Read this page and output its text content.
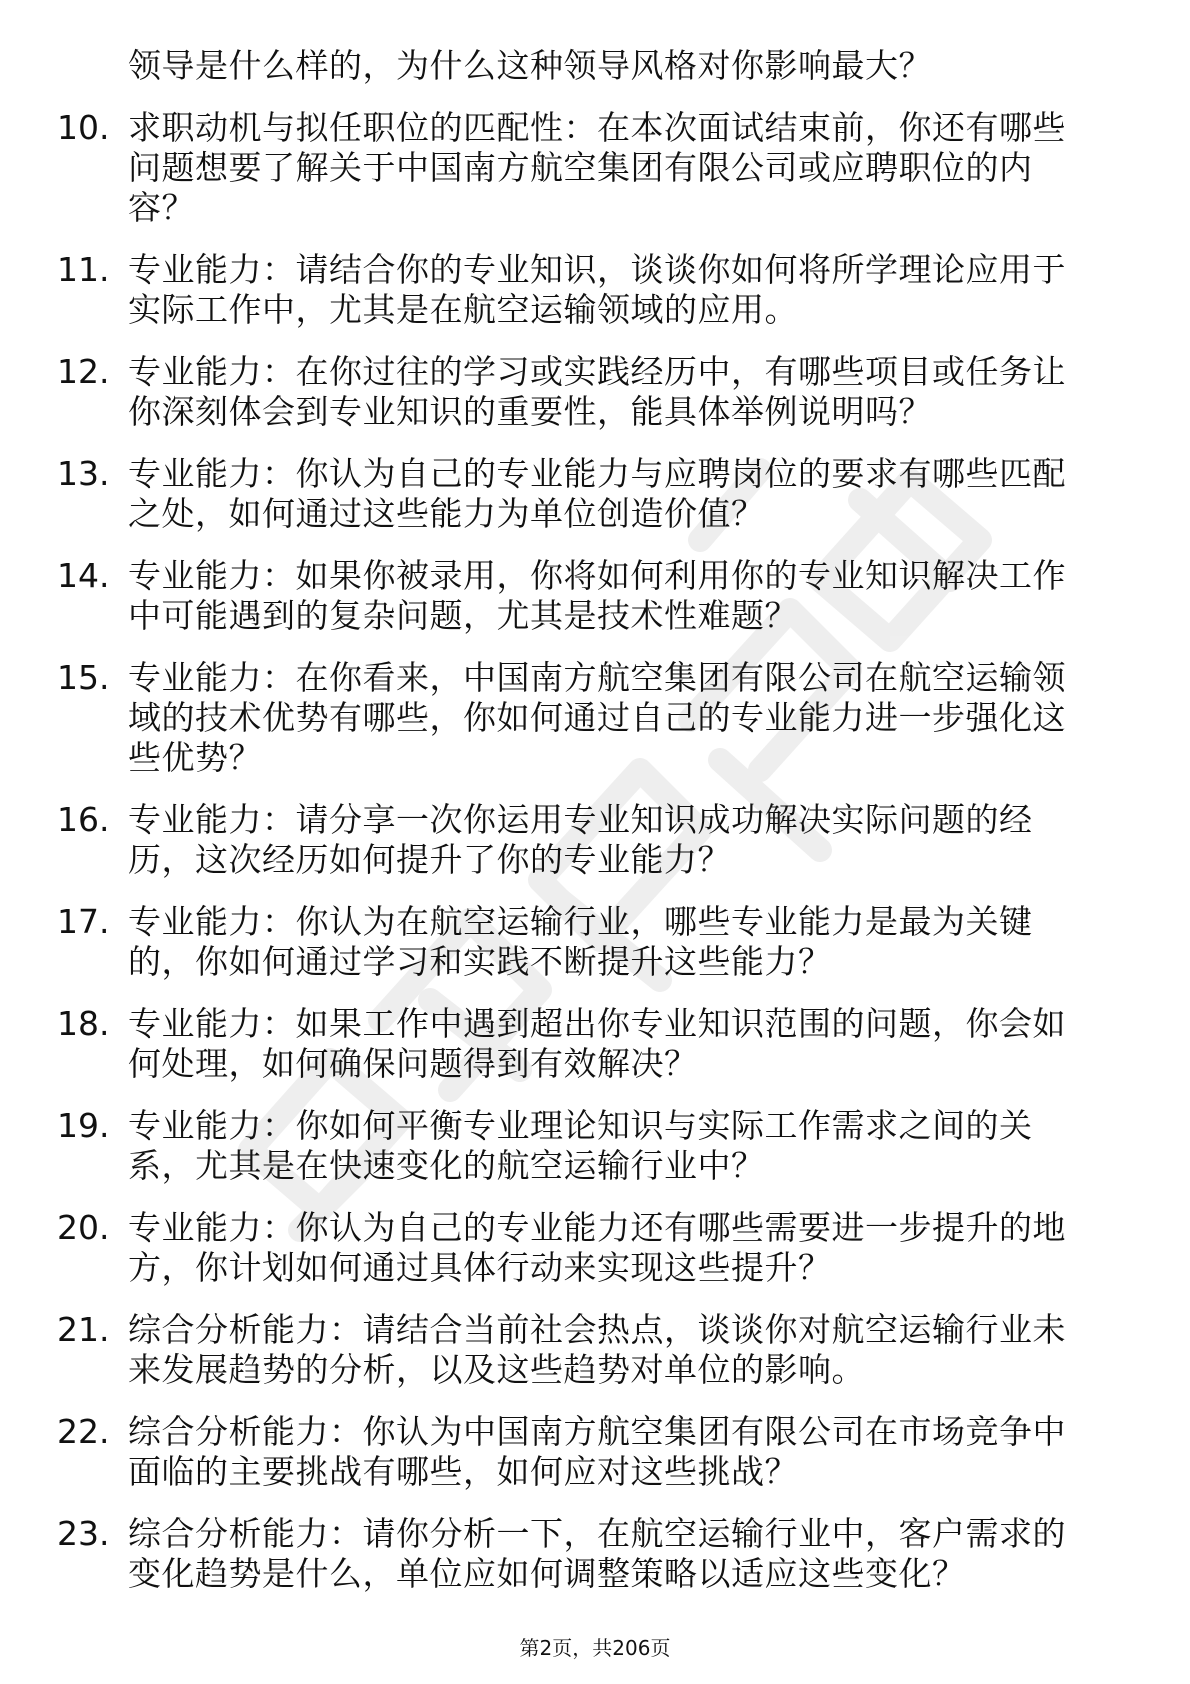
领导是什么样的，为什么这种领导风格对你影响最大？
10. 求职动机与拟任职位的匹配性：在本次面试结束前，你还有哪些
问题想要了解关于中国南方航空集团有限公司或应聘职位的内
容？
11. 专业能力：请结合你的专业知识，谈谈你如何将所学理论应用于
实际工作中，尤其是在航空运输领域的应用。
12. 专业能力：在你过往的学习或实践经历中，有哪些项目或任务让
你深刻体会到专业知识的重要性，能具体举例说明吗？
13. 专业能力：你认为自己的专业能力与应聘岗位的要求有哪些匹配
之处，如何通过这些能力为单位创造价值？
14. 专业能力：如果你被录用，你将如何利用你的专业知识解决工作
中可能遇到的复杂问题，尤其是技术性难题？
15. 专业能力：在你看来，中国南方航空集团有限公司在航空运输领
域的技术优势有哪些，你如何通过自己的专业能力进一步强化这
些优势？
16. 专业能力：请分享一次你运用专业知识成功解决实际问题的经
历，这次经历如何提升了你的专业能力？
17. 专业能力：你认为在航空运输行业，哪些专业能力是最为关键
的，你如何通过学习和实践不断提升这些能力？
18. 专业能力：如果工作中遇到超出你专业知识范围的问题，你会如
何处理，如何确保问题得到有效解决？
19. 专业能力：你如何平衡专业理论知识与实际工作需求之间的关
系，尤其是在快速变化的航空运输行业中？
20. 专业能力：你认为自己的专业能力还有哪些需要进一步提升的地
方，你计划如何通过具体行动来实现这些提升？
21. 综合分析能力：请结合当前社会热点，谈谈你对航空运输行业未
来发展趋势的分析，以及这些趋势对单位的影响。
22. 综合分析能力：你认为中国南方航空集团有限公司在市场竞争中
面临的主要挑战有哪些，如何应对这些挑战？
23. 综合分析能力：请你分析一下，在航空运输行业中，客户需求的
变化趋势是什么，单位应如何调整策略以适应这些变化？
第2页，共206页
